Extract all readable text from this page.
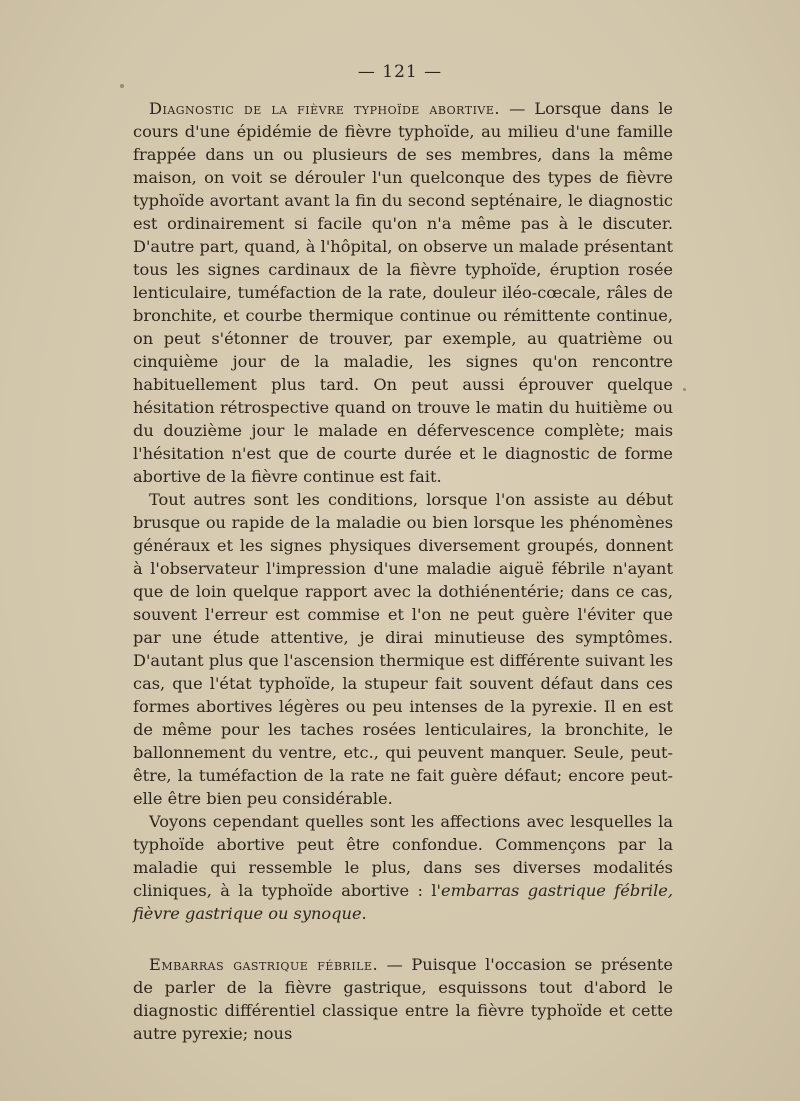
— 121 —

Diagnostic de la fièvre typhoïde abortive. — Lorsque dans le cours d'une épidémie de fièvre typhoïde, au milieu d'une famille frappée dans un ou plusieurs de ses membres, dans la même maison, on voit se dérouler l'un quelconque des types de fièvre typhoïde avortant avant la fin du second septénaire, le diagnostic est ordinairement si facile qu'on n'a même pas à le discuter. D'autre part, quand, à l'hôpital, on observe un malade présentant tous les signes cardinaux de la fièvre typhoïde, éruption rosée lenticulaire, tuméfaction de la rate, douleur iléo-cœcale, râles de bronchite, et courbe thermique continue ou rémittente continue, on peut s'étonner de trouver, par exemple, au quatrième ou cinquième jour de la maladie, les signes qu'on rencontre habituellement plus tard. On peut aussi éprouver quelque hésitation rétrospective quand on trouve le matin du huitième ou du douzième jour le malade en défervescence complète; mais l'hésitation n'est que de courte durée et le diagnostic de forme abortive de la fièvre continue est fait.

Tout autres sont les conditions, lorsque l'on assiste au début brusque ou rapide de la maladie ou bien lorsque les phénomènes généraux et les signes physiques diversement groupés, donnent à l'observateur l'impression d'une maladie aiguë fébrile n'ayant que de loin quelque rapport avec la dothiénentérie; dans ce cas, souvent l'erreur est commise et l'on ne peut guère l'éviter que par une étude attentive, je dirai minutieuse des symptômes. D'autant plus que l'ascension thermique est différente suivant les cas, que l'état typhoïde, la stupeur fait souvent défaut dans ces formes abortives légères ou peu intenses de la pyrexie. Il en est de même pour les taches rosées lenticulaires, la bronchite, le ballonnement du ventre, etc., qui peuvent manquer. Seule, peut-être, la tuméfaction de la rate ne fait guère défaut; encore peut-elle être bien peu considérable.

Voyons cependant quelles sont les affections avec lesquelles la typhoïde abortive peut être confondue. Commençons par la maladie qui ressemble le plus, dans ses diverses modalités cliniques, à la typhoïde abortive : l'embarras gastrique fébrile, fièvre gastrique ou synoque.

Embarras gastrique fébrile. — Puisque l'occasion se présente de parler de la fièvre gastrique, esquissons tout d'abord le diagnostic différentiel classique entre la fièvre typhoïde et cette autre pyrexie; nous
